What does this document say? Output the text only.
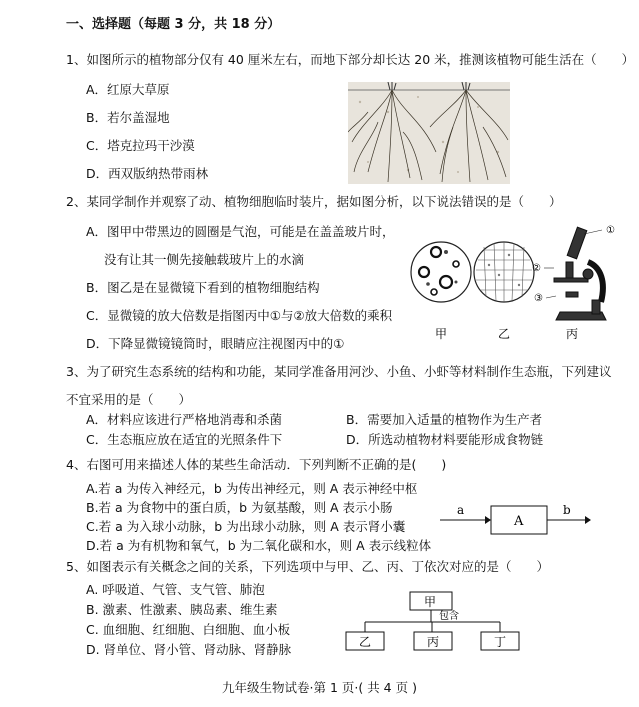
一、选择题（每题 3 分，共 18 分）
1、如图所示的植物部分仅有 40 厘米左右，而地下部分却长达 20 米，推测该植物可能生活在（　　）
A．红原大草原
B．若尔盖湿地
C．塔克拉玛干沙漠
D．西双版纳热带雨林
2、某同学制作并观察了动、植物细胞临时装片，据如图分析，以下说法错误的是（　　）
A．图甲中带黑边的圆圈是气泡，可能是在盖盖玻片时，
没有让其一侧先接触载玻片上的水滴
B．图乙是在显微镜下看到的植物细胞结构
C．显微镜的放大倍数是指图丙中①与②放大倍数的乘积
D．下降显微镜镜筒时，眼睛应注视图丙中的①
①
②
③
甲	乙	丙
3、为了研究生态系统的结构和功能，某同学准备用河沙、小鱼、小虾等材料制作生态瓶，下列建议
不宜采用的是（　　）
A．材料应该进行严格地消毒和杀菌	B．需要加入适量的植物作为生产者
C．生态瓶应放在适宜的光照条件下	D．所选动植物材料要能形成食物链
4、右图可用来描述人体的某些生命活动．下列判断不正确的是(　　)
A.若 a 为传入神经元，b 为传出神经元，则 A 表示神经中枢
B.若 a 为食物中的蛋白质，b 为氨基酸，则 A 表示小肠
C.若 a 为入球小动脉，b 为出球小动脉，则 A 表示肾小囊
D.若 a 为有机物和氧气，b 为二氧化碳和水，则 A 表示线粒体
a
A
b
5、如图表示有关概念之间的关系，下列选项中与甲、乙、丙、丁依次对应的是（　　）
A. 呼吸道、气管、支气管、肺泡
B. 激素、性激素、胰岛素、维生素
C. 血细胞、红细胞、白细胞、血小板
D. 肾单位、肾小管、肾动脉、肾静脉
甲
包含
乙	丙	丁
九年级生物试卷·第 1 页·( 共 4 页 )
